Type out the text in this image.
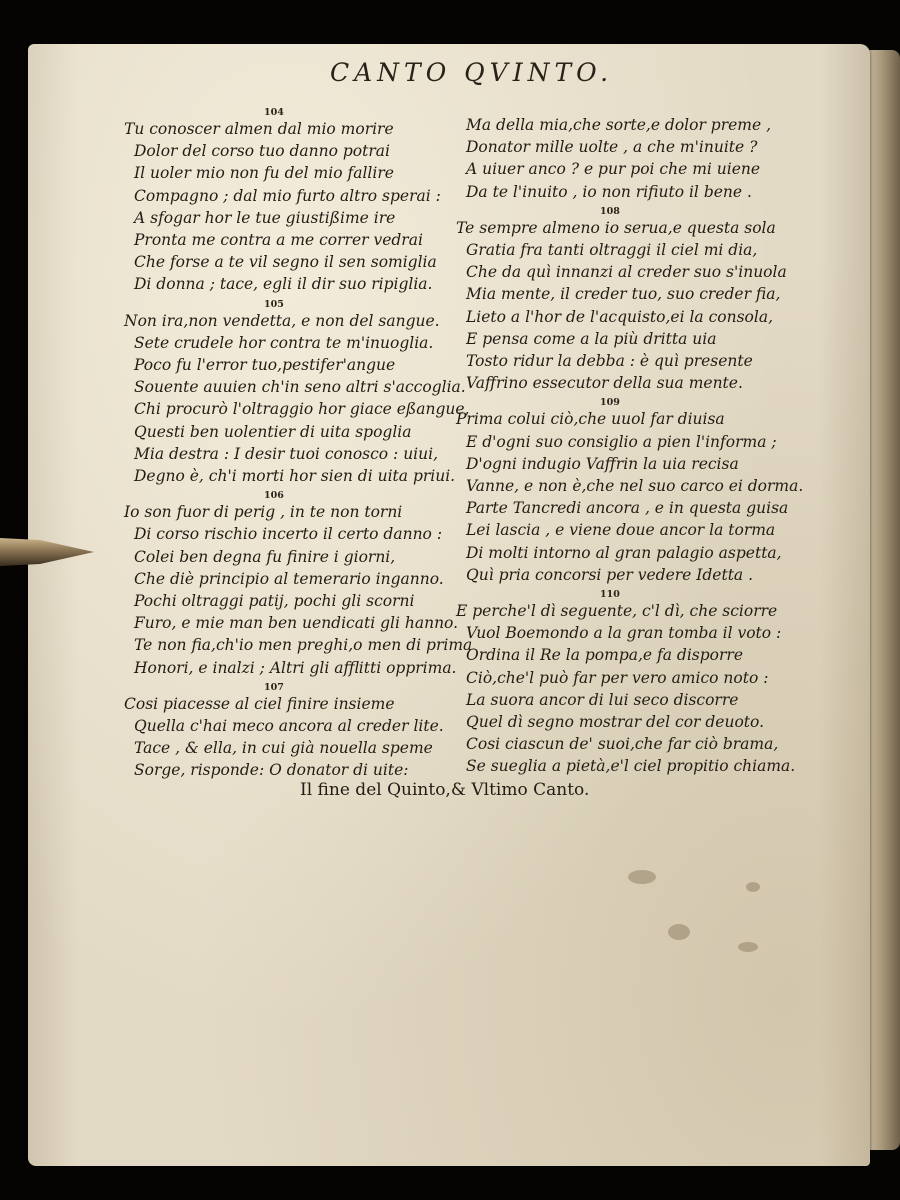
CANTO QVINTO.
104
Tu conoscer almen dal mio morire
Dolor del corso tuo danno potrai
Il uoler mio non fu del mio fallire
Compagno ; dal mio furto altro sperai :
A sfogar hor le tue giustißime ire
Pronta me contra a me correr vedrai
Che forse a te vil segno il sen somiglia
Di donna ; tace, egli il dir suo ripiglia.
105
Non ira,non vendetta, e non del sangue.
Sete crudele hor contra te m'inuoglia.
Poco fu l'error tuo,pestifer'angue
Souente auuien ch'in seno altri s'accoglia.
Chi procurò l'oltraggio hor giace eßangue,
Questi ben uolentier di uita spoglia
Mia destra : I desir tuoi conosco : uiui,
Degno è, ch'i morti hor sien di uita priui.
106
Io son fuor di perig , in te non torni
Di corso rischio incerto il certo danno :
Colei ben degna fu finire i giorni,
Che diè principio al temerario inganno.
Pochi oltraggi patij, pochi gli scorni
Furo, e mie man ben uendicati gli hanno.
Te non fia,ch'io men preghi,o men di prima
Honori, e inalzi ; Altri gli afflitti opprima.
107
Cosi piacesse al ciel finire insieme
Quella c'hai meco ancora al creder lite.
Tace , & ella, in cui già nouella speme
Sorge, risponde: O donator di uite:
Ma della mia,che sorte,e dolor preme ,
Donator mille uolte , a che m'inuite ?
A uiuer anco ? e pur poi che mi uiene
Da te l'inuito , io non rifiuto il bene .
108
Te sempre almeno io serua,e questa sola
Gratia fra tanti oltraggi il ciel mi dia,
Che da quì innanzi al creder suo s'inuola
Mia mente, il creder tuo, suo creder fia,
Lieto a l'hor de l'acquisto,ei la consola,
E pensa come a la più dritta uia
Tosto ridur la debba : è quì presente
Vaffrino essecutor della sua mente.
109
Prima colui ciò,che uuol far diuisa
E d'ogni suo consiglio a pien l'informa ;
D'ogni indugio Vaffrin la uia recisa
Vanne, e non è,che nel suo carco ei dorma.
Parte Tancredi ancora , e in questa guisa
Lei lascia , e viene doue ancor la torma
Di molti intorno al gran palagio aspetta,
Quì pria concorsi per vedere Idetta .
110
E perche'l dì seguente, c'l dì, che sciorre
Vuol Boemondo a la gran tomba il voto :
Ordina il Re la pompa,e fa disporre
Ciò,che'l può far per vero amico noto :
La suora ancor di lui seco discorre
Quel dì segno mostrar del cor deuoto.
Cosi ciascun de' suoi,che far ciò brama,
Se sueglia a pietà,e'l ciel propitio chiama.
Il fine del Quinto,& Vltimo Canto.
